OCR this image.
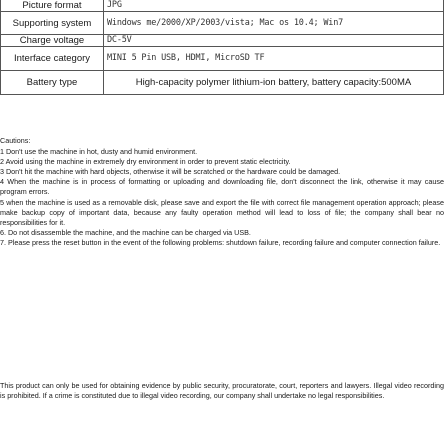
Picture format	JPG
Supporting system	Windows me/2000/XP/2003/vista; Mac os 10.4; Win7
Charge voltage	DC-5V
Interface category	MINI 5 Pin USB, HDMI, MicroSD TF
Battery type	High-capacity polymer lithium-ion battery, battery capacity:500MA

Cautions:

1 Don't use the machine in hot, dusty and humid environment.

2 Avoid using the machine in extremely dry environment in order to prevent static electricity.

3 Don't hit the machine with hard objects, otherwise it will be scratched or the hardware could be damaged.

4 When the machine is in process of formatting or uploading and downloading file, don't disconnect the link, otherwise it may cause program errors.

5 when the machine is used as a removable disk, please save and export the file with correct file management operation approach; please make backup copy of important data, because any faulty operation method will lead to loss of file; the company shall bear no responsibilities for it.

6. Do not disassemble the machine, and the machine can be charged via USB.

7. Please press the reset button in the event of the following problems: shutdown failure, recording failure and computer connection failure.

This product can only be used for obtaining evidence by public security, procuratorate, court, reporters and lawyers. Illegal video recording is prohibited. If a crime is constituted due to illegal video recording, our company shall undertake no legal responsibilities.
